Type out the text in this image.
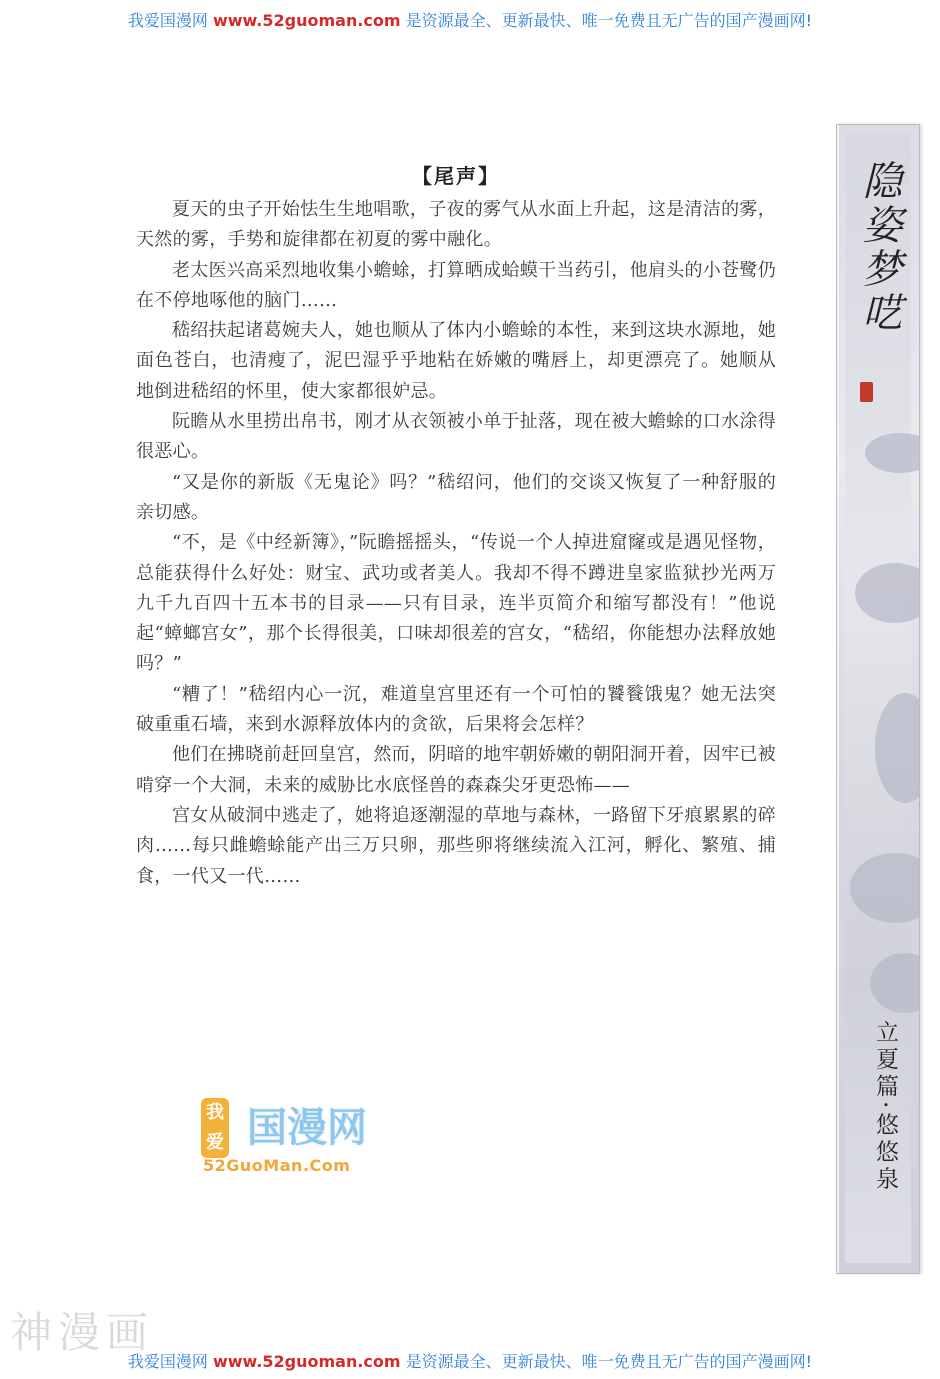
我爱国漫网 www.52guoman.com 是资源最全、更新最快、唯一免费且无广告的国产漫画网!

【尾声】

夏天的虫子开始怯生生地唱歌，子夜的雾气从水面上升起，这是清洁的雾，天然的雾，手势和旋律都在初夏的雾中融化。

老太医兴高采烈地收集小蟾蜍，打算晒成蛤蟆干当药引，他肩头的小苍鹭仍在不停地啄他的脑门……

嵇绍扶起诸葛婉夫人，她也顺从了体内小蟾蜍的本性，来到这块水源地，她面色苍白，也清瘦了，泥巴湿乎乎地粘在娇嫩的嘴唇上，却更漂亮了。她顺从地倒进嵇绍的怀里，使大家都很妒忌。

阮瞻从水里捞出帛书，刚才从衣领被小单于扯落，现在被大蟾蜍的口水涂得很恶心。

“又是你的新版《无鬼论》吗？”嵇绍问，他们的交谈又恢复了一种舒服的亲切感。

“不，是《中经新簿》，”阮瞻摇摇头，“传说一个人掉进窟窿或是遇见怪物，总能获得什么好处：财宝、武功或者美人。我却不得不蹲进皇家监狱抄光两万九千九百四十五本书的目录——只有目录，连半页简介和缩写都没有！”他说起“蟑螂宫女”，那个长得很美，口味却很差的宫女，“嵇绍，你能想办法释放她吗？”

“糟了！”嵇绍内心一沉，难道皇宫里还有一个可怕的饕餮饿鬼？她无法突破重重石墙，来到水源释放体内的贪欲，后果将会怎样？

他们在拂晓前赶回皇宫，然而，阴暗的地牢朝娇嫩的朝阳洞开着，因牢已被啃穿一个大洞，未来的威胁比水底怪兽的森森尖牙更恐怖——

宫女从破洞中逃走了，她将追逐潮湿的草地与森林，一路留下牙痕累累的碎肉……每只雌蟾蜍能产出三万只卵，那些卵将继续流入江河，孵化、繁殖、捕食，一代又一代……

隐姿梦呓
立夏篇·悠悠泉
我爱 国漫网
52GuoMan.Com
神漫画
我爱国漫网 www.52guoman.com 是资源最全、更新最快、唯一免费且无广告的国产漫画网!
